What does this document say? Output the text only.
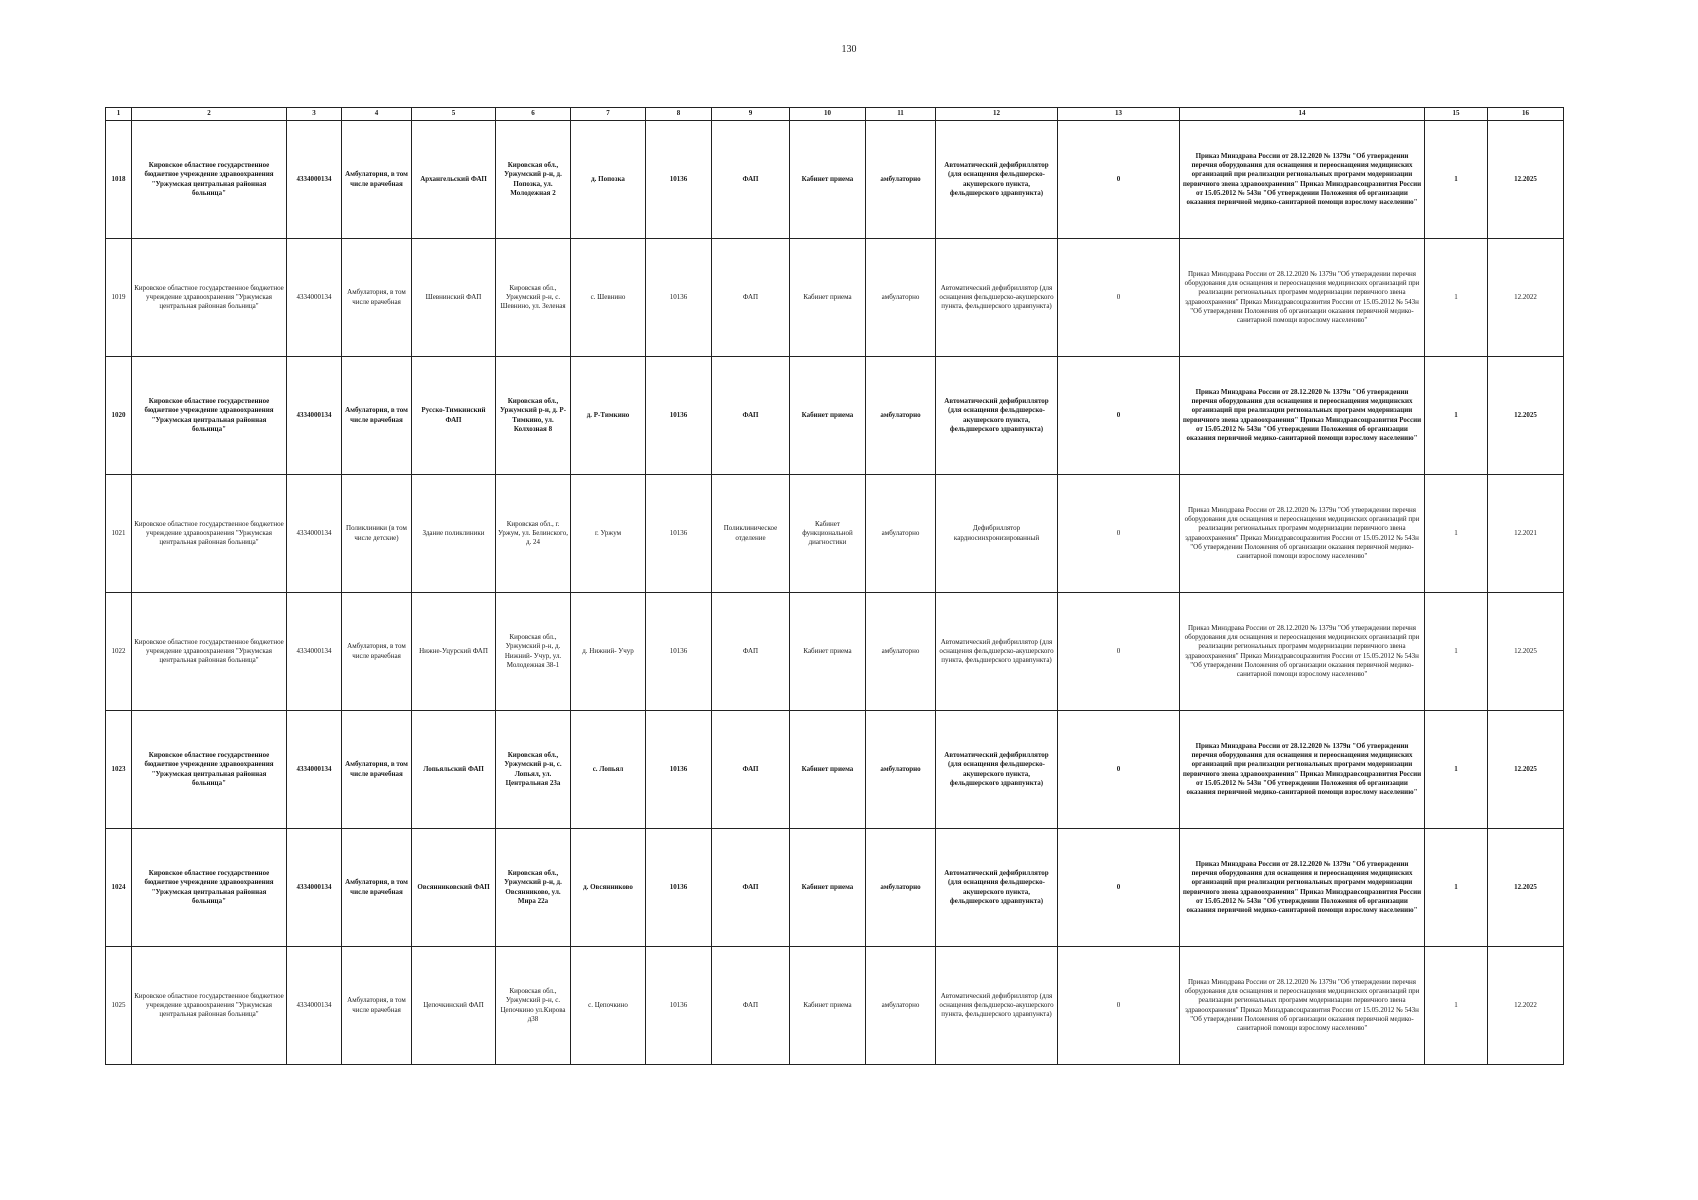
130
1	2	3	4	5	6	7	8	9	10	11	12	13	14	15	16
1018	Кировское областное государственное бюджетное учреждение здравоохранения "Уржумская центральная районная больница"	4334000134	Амбулатория, в том числе врачебная	Архангельский ФАП	Кировская обл., Уржумский р-н, д. Попозка, ул. Молодежная 2	д. Попозка	10136	ФАП	Кабинет приема	амбулаторно	Автоматический дефибриллятор (для оснащения фельдшерско-акушерского пункта, фельдшерского здравпункта)	0	Приказ Минздрава России от 28.12.2020 № 1379н "Об утверждении перечня оборудования для оснащения и переоснащения медицинских организаций при реализации региональных программ модернизации первичного звена здравоохранения" Приказ Минздравсоцразвития России от 15.05.2012 № 543н "Об утверждении Положения об организации оказания первичной медико-санитарной помощи взрослому населению"	1	12.2025
1019	Кировское областное государственное бюджетное учреждение здравоохранения "Уржумская центральная районная больница"	4334000134	Амбулатория, в том числе врачебная	Шевнинский ФАП	Кировская обл., Уржумский р-н, с. Шевнино, ул. Зеленая	с. Шевнино	10136	ФАП	Кабинет приема	амбулаторно	Автоматический дефибриллятор (для оснащения фельдшерско-акушерского пункта, фельдшерского здравпункта)	0	Приказ Минздрава России от 28.12.2020 № 1379н "Об утверждении перечня оборудования для оснащения и переоснащения медицинских организаций при реализации региональных программ модернизации первичного звена здравоохранения" Приказ Минздравсоцразвития России от 15.05.2012 № 543н "Об утверждении Положения об организации оказания первичной медико-санитарной помощи взрослому населению"	1	12.2022
1020	Кировское областное государственное бюджетное учреждение здравоохранения "Уржумская центральная районная больница"	4334000134	Амбулатория, в том числе врачебная	Русско-Тимкинский ФАП	Кировская обл., Уржумский р-н, д. Р-Тимкино, ул. Колхозная 8	д. Р-Тимкино	10136	ФАП	Кабинет приема	амбулаторно	Автоматический дефибриллятор (для оснащения фельдшерско-акушерского пункта, фельдшерского здравпункта)	0	Приказ Минздрава России от 28.12.2020 № 1379н "Об утверждении перечня оборудования для оснащения и переоснащения медицинских организаций при реализации региональных программ модернизации первичного звена здравоохранения" Приказ Минздравсоцразвития России от 15.05.2012 № 543н "Об утверждении Положения об организации оказания первичной медико-санитарной помощи взрослому населению"	1	12.2025
1021	Кировское областное государственное бюджетное учреждение здравоохранения "Уржумская центральная районная больница"	4334000134	Поликлиники (в том числе детские)	Здание поликлиники	Кировская обл., г. Уржум, ул. Белинского, д. 24	г. Уржум	10136	Поликлиническое отделение	Кабинет функциональной диагностики	амбулаторно	Дефибриллятор кардиосинхронизированный	0	Приказ Минздрава России от 28.12.2020 № 1379н "Об утверждении перечня оборудования для оснащения и переоснащения медицинских организаций при реализации региональных программ модернизации первичного звена здравоохранения" Приказ Минздравсоцразвития России от 15.05.2012 № 543н "Об утверждении Положения об организации оказания первичной медико-санитарной помощи взрослому населению"	1	12.2021
1022	Кировское областное государственное бюджетное учреждение здравоохранения "Уржумская центральная районная больница"	4334000134	Амбулатория, в том числе врачебная	Нижне-Уцурский ФАП	Кировская обл., Уржумский р-н, д. Нижний- Учур, ул. Молодежная 38-1	д. Нижний- Учур	10136	ФАП	Кабинет приема	амбулаторно	Автоматический дефибриллятор (для оснащения фельдшерско-акушерского пункта, фельдшерского здравпункта)	0	Приказ Минздрава России от 28.12.2020 № 1379н "Об утверждении перечня оборудования для оснащения и переоснащения медицинских организаций при реализации региональных программ модернизации первичного звена здравоохранения" Приказ Минздравсоцразвития России от 15.05.2012 № 543н "Об утверждении Положения об организации оказания первичной медико-санитарной помощи взрослому населению"	1	12.2025
1023	Кировское областное государственное бюджетное учреждение здравоохранения "Уржумская центральная районная больница"	4334000134	Амбулатория, в том числе врачебная	Лопьяльский ФАП	Кировская обл., Уржумский р-н, с. Лопьял, ул. Центральная 23а	с. Лопьял	10136	ФАП	Кабинет приема	амбулаторно	Автоматический дефибриллятор (для оснащения фельдшерско-акушерского пункта, фельдшерского здравпункта)	0	Приказ Минздрава России от 28.12.2020 № 1379н "Об утверждении перечня оборудования для оснащения и переоснащения медицинских организаций при реализации региональных программ модернизации первичного звена здравоохранения" Приказ Минздравсоцразвития России от 15.05.2012 № 543н "Об утверждении Положения об организации оказания первичной медико-санитарной помощи взрослому населению"	1	12.2025
1024	Кировское областное государственное бюджетное учреждение здравоохранения "Уржумская центральная районная больница"	4334000134	Амбулатория, в том числе врачебная	Овсянниковский ФАП	Кировская обл., Уржумский р-н, д. Овсянниково, ул. Мира 22а	д. Овсянниково	10136	ФАП	Кабинет приема	амбулаторно	Автоматический дефибриллятор (для оснащения фельдшерско-акушерского пункта, фельдшерского здравпункта)	0	Приказ Минздрава России от 28.12.2020 № 1379н "Об утверждении перечня оборудования для оснащения и переоснащения медицинских организаций при реализации региональных программ модернизации первичного звена здравоохранения" Приказ Минздравсоцразвития России от 15.05.2012 № 543н "Об утверждении Положения об организации оказания первичной медико-санитарной помощи взрослому населению"	1	12.2025
1025	Кировское областное государственное бюджетное учреждение здравоохранения "Уржумская центральная районная больница"	4334000134	Амбулатория, в том числе врачебная	Цепочкинский ФАП	Кировская обл., Уржумский р-н, с. Цепочкино ул.Кирова д38	с. Цепочкино	10136	ФАП	Кабинет приема	амбулаторно	Автоматический дефибриллятор (для оснащения фельдшерско-акушерского пункта, фельдшерского здравпункта)	0	Приказ Минздрава России от 28.12.2020 № 1379н "Об утверждении перечня оборудования для оснащения и переоснащения медицинских организаций при реализации региональных программ модернизации первичного звена здравоохранения" Приказ Минздравсоцразвития России от 15.05.2012 № 543н "Об утверждении Положения об организации оказания первичной медико-санитарной помощи взрослому населению"	1	12.2022
